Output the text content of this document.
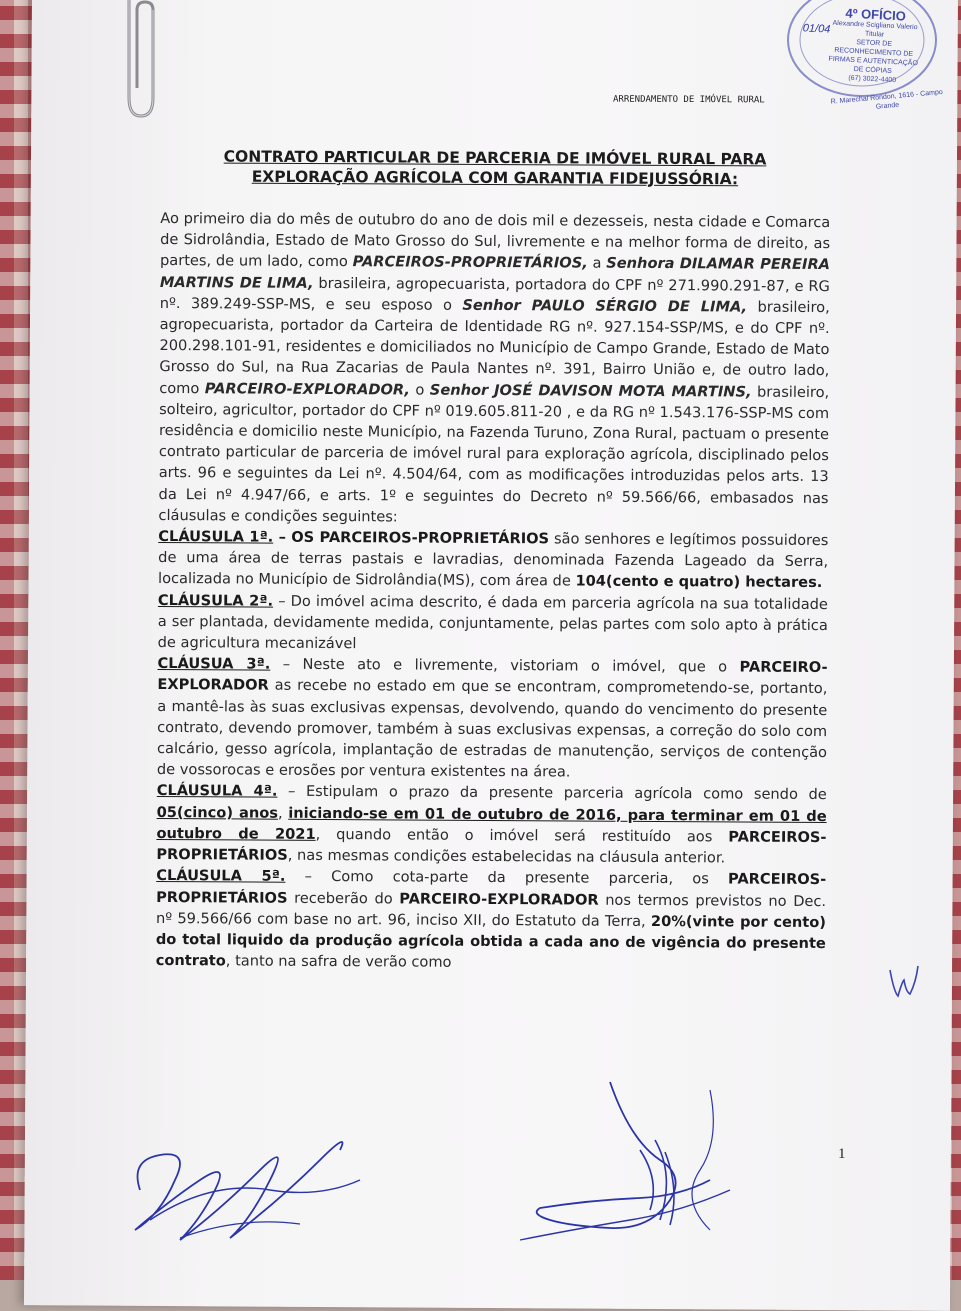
4º OFÍCIO
Alexandre Scigliano Valerio
Titular
SETOR DE
RECONHECIMENTO DE
FIRMAS E AUTENTICAÇÃO
DE CÓPIAS
(67) 3022-4400
01/04
R. Marechal Rondon, 1616 - Campo Grande
ARRENDAMENTO DE IMÓVEL RURAL
CONTRATO PARTICULAR DE PARCERIA DE IMÓVEL RURAL PARA
EXPLORAÇÃO AGRÍCOLA COM GARANTIA FIDEJUSSÓRIA:

Ao primeiro dia do mês de outubro do ano de dois mil e dezesseis, nesta cidade e Comarca de Sidrolândia, Estado de Mato Grosso do Sul, livremente e na melhor forma de direito, as partes, de um lado, como PARCEIROS-PROPRIETÁRIOS, a Senhora DILAMAR PEREIRA MARTINS DE LIMA, brasileira, agropecuarista, portadora do CPF nº 271.990.291-87, e RG nº. 389.249-SSP-MS, e seu esposo o Senhor PAULO SÉRGIO DE LIMA, brasileiro, agropecuarista, portador da Carteira de Identidade RG nº. 927.154-SSP/MS, e do CPF nº. 200.298.101-91, residentes e domiciliados no Município de Campo Grande, Estado de Mato Grosso do Sul, na Rua Zacarias de Paula Nantes nº. 391, Bairro União e, de outro lado, como PARCEIRO-EXPLORADOR, o Senhor JOSÉ DAVISON MOTA MARTINS, brasileiro, solteiro, agricultor, portador do CPF nº 019.605.811-20 , e da RG nº 1.543.176-SSP-MS com residência e domicilio neste Município, na Fazenda Turuno, Zona Rural, pactuam o presente contrato particular de parceria de imóvel rural para exploração agrícola, disciplinado pelos arts. 96 e seguintes da Lei nº. 4.504/64, com as modificações introduzidas pelos arts. 13 da Lei nº 4.947/66, e arts. 1º e seguintes do Decreto nº 59.566/66, embasados nas cláusulas e condições seguintes:

CLÁUSULA 1ª. – OS PARCEIROS-PROPRIETÁRIOS são senhores e legítimos possuidores de uma área de terras pastais e lavradias, denominada Fazenda Lageado da Serra, localizada no Município de Sidrolândia(MS), com área de 104(cento e quatro) hectares.

CLÁUSULA 2ª. – Do imóvel acima descrito, é dada em parceria agrícola na sua totalidade a ser plantada, devidamente medida, conjuntamente, pelas partes com solo apto à prática de agricultura mecanizável

CLÁUSUA 3ª. – Neste ato e livremente, vistoriam o imóvel, que o PARCEIRO-EXPLORADOR as recebe no estado em que se encontram, comprometendo-se, portanto, a mantê-las às suas exclusivas expensas, devolvendo, quando do vencimento do presente contrato, devendo promover, também à suas exclusivas expensas, a correção do solo com calcário, gesso agrícola, implantação de estradas de manutenção, serviços de contenção de vossorocas e erosões por ventura existentes na área.

CLÁUSULA 4ª. – Estipulam o prazo da presente parceria agrícola como sendo de 05(cinco) anos, iniciando-se em 01 de outubro de 2016, para terminar em 01 de outubro de 2021, quando então o imóvel será restituído aos PARCEIROS-PROPRIETÁRIOS, nas mesmas condições estabelecidas na cláusula anterior.

CLÁUSULA 5ª. – Como cota-parte da presente parceria, os PARCEIROS-PROPRIETÁRIOS receberão do PARCEIRO-EXPLORADOR nos termos previstos no Dec. nº 59.566/66 com base no art. 96, inciso XII, do Estatuto da Terra, 20%(vinte por cento) do total liquido da produção agrícola obtida a cada ano de vigência do presente contrato, tanto na safra de verão como

1
